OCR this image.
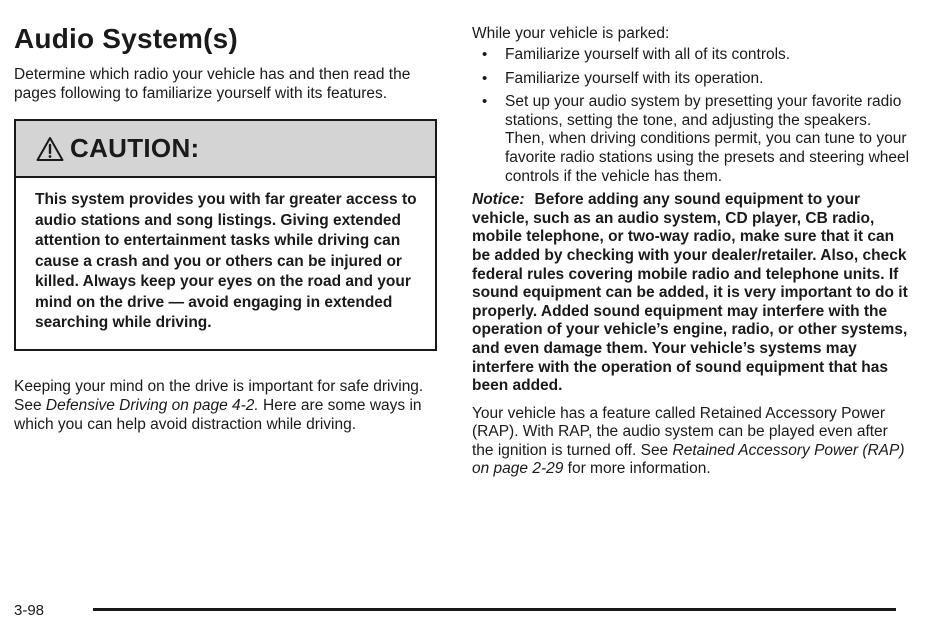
Audio System(s)

Determine which radio your vehicle has and then read the pages following to familiarize yourself with its features.

CAUTION:
This system provides you with far greater access to audio stations and song listings. Giving extended attention to entertainment tasks while driving can cause a crash and you or others can be injured or killed. Always keep your eyes on the road and your mind on the drive — avoid engaging in extended searching while driving.

Keeping your mind on the drive is important for safe driving. See Defensive Driving on page 4-2. Here are some ways in which you can help avoid distraction while driving.

While your vehicle is parked:

• Familiarize yourself with all of its controls.
• Familiarize yourself with its operation.
• Set up your audio system by presetting your favorite radio stations, setting the tone, and adjusting the speakers. Then, when driving conditions permit, you can tune to your favorite radio stations using the presets and steering wheel controls if the vehicle has them.

Notice: Before adding any sound equipment to your vehicle, such as an audio system, CD player, CB radio, mobile telephone, or two-way radio, make sure that it can be added by checking with your dealer/retailer. Also, check federal rules covering mobile radio and telephone units. If sound equipment can be added, it is very important to do it properly. Added sound equipment may interfere with the operation of your vehicle’s engine, radio, or other systems, and even damage them. Your vehicle’s systems may interfere with the operation of sound equipment that has been added.

Your vehicle has a feature called Retained Accessory Power (RAP). With RAP, the audio system can be played even after the ignition is turned off. See Retained Accessory Power (RAP) on page 2-29 for more information.

3-98
